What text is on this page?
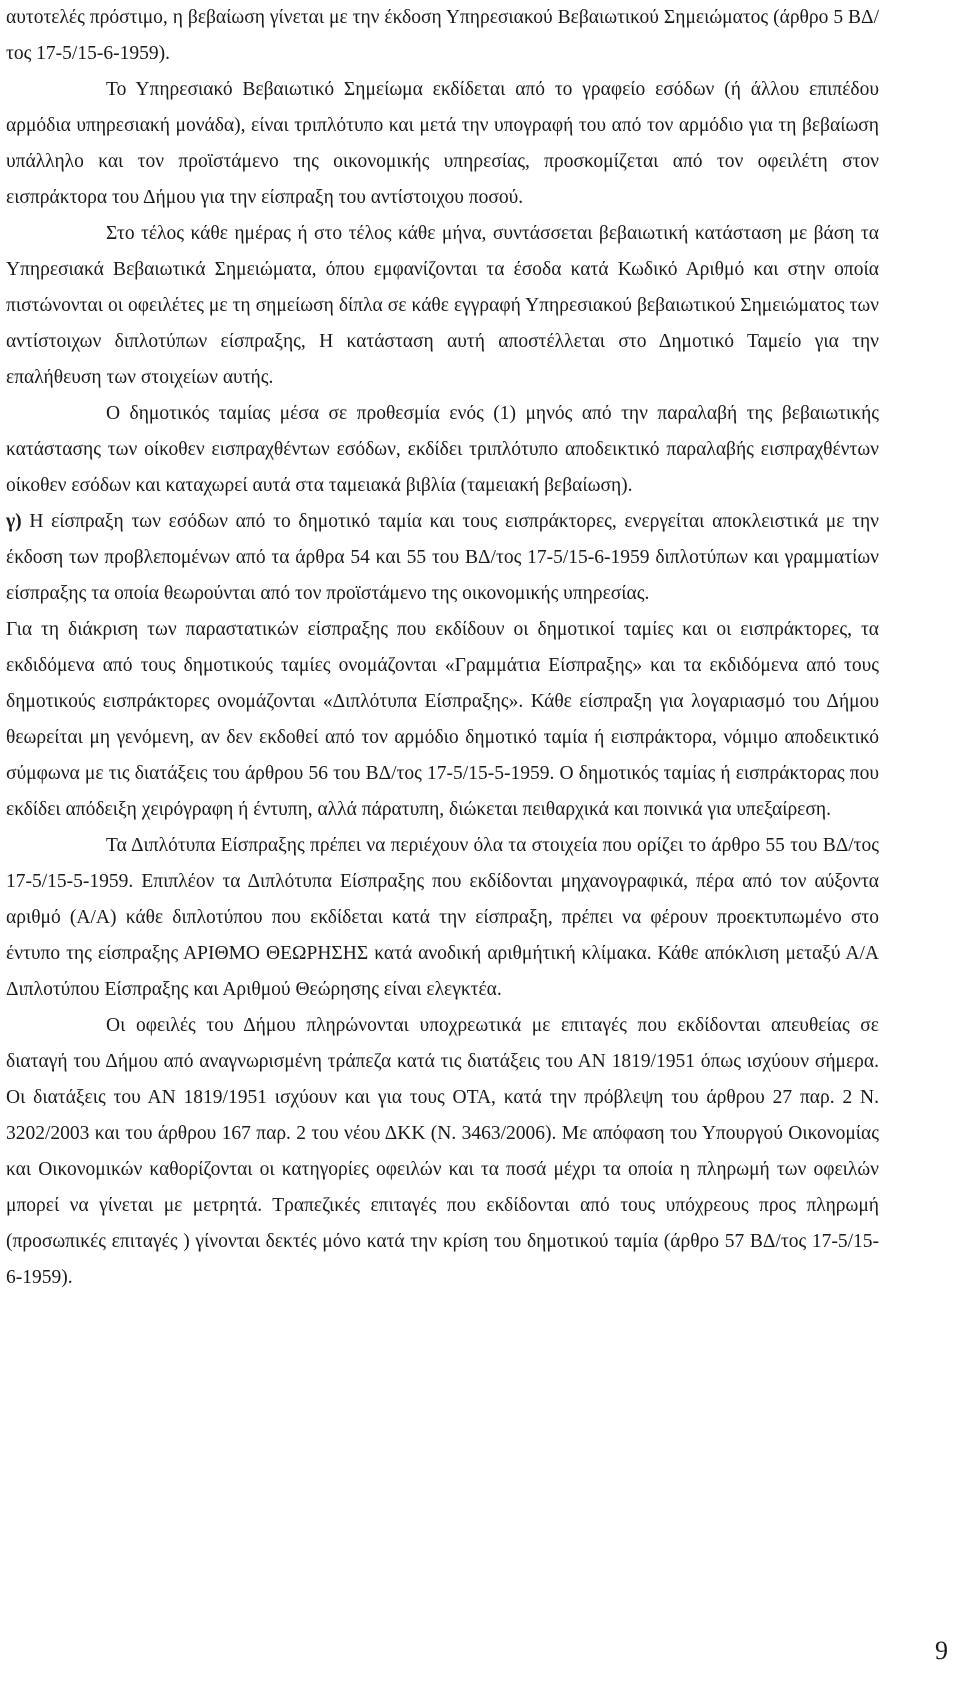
αυτοτελές πρόστιμο, η βεβαίωση γίνεται με την έκδοση Υπηρεσιακού Βεβαιωτικού Σημειώματος (άρθρο 5 ΒΔ/τος 17-5/15-6-1959).

Το Υπηρεσιακό Βεβαιωτικό Σημείωμα εκδίδεται από το γραφείο εσόδων (ή άλλου επιπέδου αρμόδια υπηρεσιακή μονάδα), είναι τριπλότυπο και μετά την υπογραφή του από τον αρμόδιο για τη βεβαίωση υπάλληλο και τον προϊστάμενο της οικονομικής υπηρεσίας, προσκομίζεται από τον οφειλέτη στον εισπράκτορα του Δήμου για την είσπραξη του αντίστοιχου ποσού.

Στο τέλος κάθε ημέρας ή στο τέλος κάθε μήνα, συντάσσεται βεβαιωτική κατάσταση με βάση τα Υπηρεσιακά Βεβαιωτικά Σημειώματα, όπου εμφανίζονται τα έσοδα κατά Κωδικό Αριθμό και στην οποία πιστώνονται οι οφειλέτες με τη σημείωση δίπλα σε κάθε εγγραφή Υπηρεσιακού βεβαιωτικού Σημειώματος των αντίστοιχων διπλοτύπων είσπραξης, Η κατάσταση αυτή αποστέλλεται στο Δημοτικό Ταμείο για την επαλήθευση των στοιχείων αυτής.

Ο δημοτικός ταμίας μέσα σε προθεσμία ενός (1) μηνός από την παραλαβή της βεβαιωτικής κατάστασης των οίκοθεν εισπραχθέντων εσόδων, εκδίδει τριπλότυπο αποδεικτικό παραλαβής εισπραχθέντων οίκοθεν εσόδων και καταχωρεί αυτά στα ταμειακά βιβλία (ταμειακή βεβαίωση).

γ) Η είσπραξη των εσόδων από το δημοτικό ταμία και τους εισπράκτορες, ενεργείται αποκλειστικά με την έκδοση των προβλεπομένων από τα άρθρα 54 και 55 του ΒΔ/τος 17-5/15-6-1959 διπλοτύπων και γραμματίων είσπραξης τα οποία θεωρούνται από τον προϊστάμενο της οικονομικής υπηρεσίας.

Για τη διάκριση των παραστατικών είσπραξης που εκδίδουν οι δημοτικοί ταμίες και οι εισπράκτορες, τα εκδιδόμενα από τους δημοτικούς ταμίες ονομάζονται «Γραμμάτια Είσπραξης» και τα εκδιδόμενα από τους δημοτικούς εισπράκτορες ονομάζονται «Διπλότυπα Είσπραξης». Κάθε είσπραξη για λογαριασμό του Δήμου θεωρείται μη γενόμενη, αν δεν εκδοθεί από τον αρμόδιο δημοτικό ταμία ή εισπράκτορα, νόμιμο αποδεικτικό σύμφωνα με τις διατάξεις του άρθρου 56 του ΒΔ/τος 17-5/15-5-1959. Ο δημοτικός ταμίας ή εισπράκτορας που εκδίδει απόδειξη χειρόγραφη ή έντυπη, αλλά πάρατυπη, διώκεται πειθαρχικά και ποινικά για υπεξαίρεση.

Τα Διπλότυπα Είσπραξης πρέπει να περιέχουν όλα τα στοιχεία που ορίζει το άρθρο 55 του ΒΔ/τος 17-5/15-5-1959. Επιπλέον τα Διπλότυπα Είσπραξης που εκδίδονται μηχανογραφικά, πέρα από τον αύξοντα αριθμό (Α/Α) κάθε διπλοτύπου που εκδίδεται κατά την είσπραξη, πρέπει να φέρουν προεκτυπωμένο στο έντυπο της είσπραξης ΑΡΙΘΜΟ ΘΕΩΡΗΣΗΣ κατά ανοδική αριθμήτική κλίμακα. Κάθε απόκλιση μεταξύ Α/Α Διπλοτύπου Είσπραξης και Αριθμού Θεώρησης είναι ελεγκτέα.

Οι οφειλές του Δήμου πληρώνονται υποχρεωτικά με επιταγές που εκδίδονται απευθείας σε διαταγή του Δήμου από αναγνωρισμένη τράπεζα κατά τις διατάξεις του ΑΝ 1819/1951 όπως ισχύουν σήμερα. Οι διατάξεις του ΑΝ 1819/1951 ισχύουν και για τους ΟΤΑ, κατά την πρόβλεψη του άρθρου 27 παρ. 2 Ν. 3202/2003 και του άρθρου 167 παρ. 2 του νέου ΔΚΚ (Ν. 3463/2006). Με απόφαση του Υπουργού Οικονομίας και Οικονομικών καθορίζονται οι κατηγορίες οφειλών και τα ποσά μέχρι τα οποία η πληρωμή των οφειλών μπορεί να γίνεται με μετρητά. Τραπεζικές επιταγές που εκδίδονται από τους υπόχρεους προς πληρωμή (προσωπικές επιταγές ) γίνονται δεκτές μόνο κατά την κρίση του δημοτικού ταμία (άρθρο 57 ΒΔ/τος 17-5/15-6-1959).

9
